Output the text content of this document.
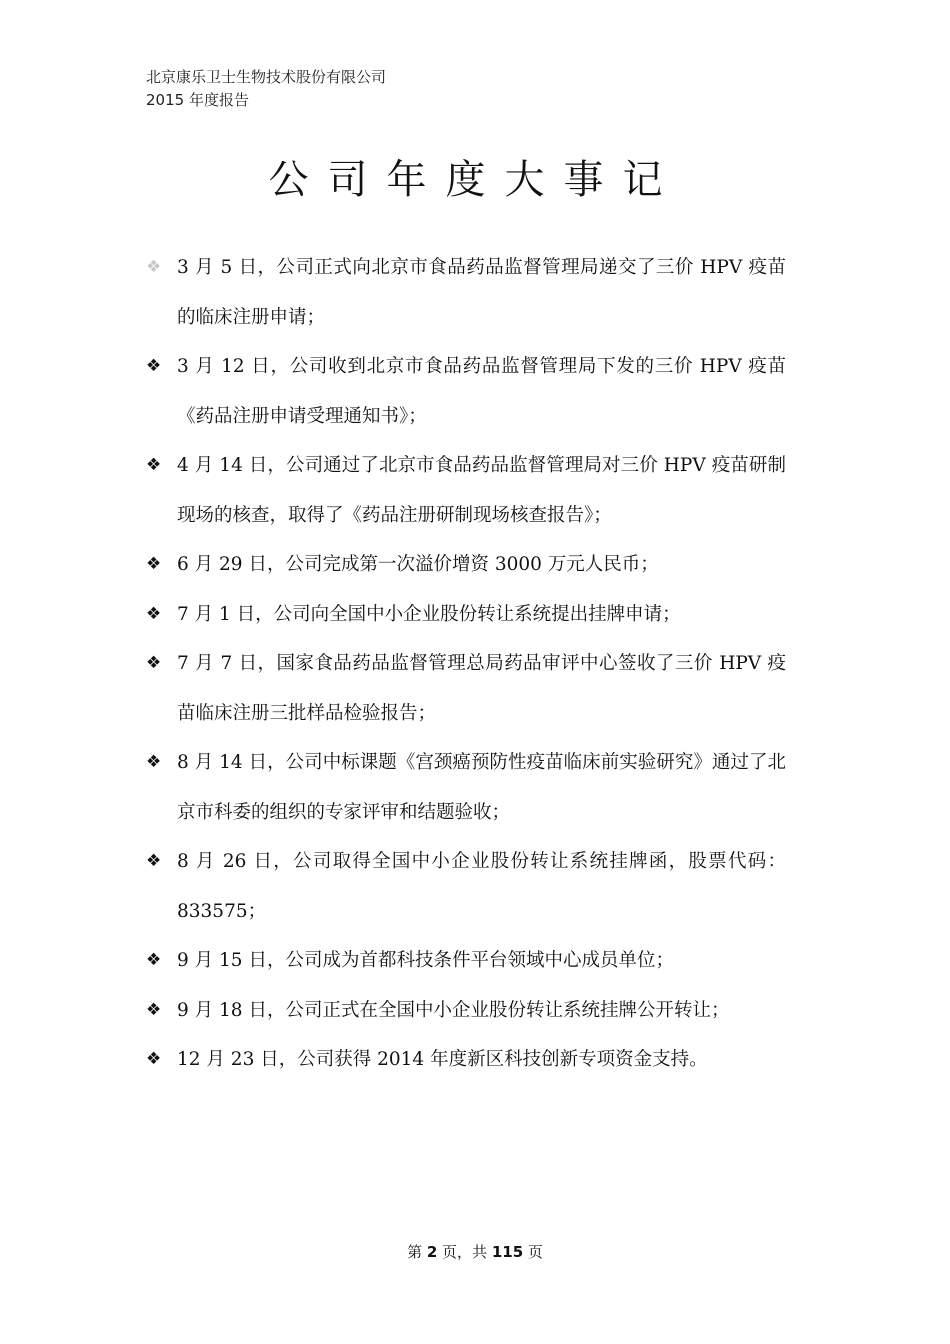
北京康乐卫士生物技术股份有限公司
2015 年度报告
公司年度大事记
❖ 3 月 5 日，公司正式向北京市食品药品监督管理局递交了三价 HPV 疫苗的临床注册申请；
❖ 3 月 12 日，公司收到北京市食品药品监督管理局下发的三价 HPV 疫苗《药品注册申请受理通知书》；
❖ 4 月 14 日，公司通过了北京市食品药品监督管理局对三价 HPV 疫苗研制现场的核查，取得了《药品注册研制现场核查报告》；
❖ 6 月 29 日，公司完成第一次溢价增资 3000 万元人民币；
❖ 7 月 1 日，公司向全国中小企业股份转让系统提出挂牌申请；
❖ 7 月 7 日，国家食品药品监督管理总局药品审评中心签收了三价 HPV 疫苗临床注册三批样品检验报告；
❖ 8 月 14 日，公司中标课题《宫颈癌预防性疫苗临床前实验研究》通过了北京市科委的组织的专家评审和结题验收；
❖ 8 月 26 日，公司取得全国中小企业股份转让系统挂牌函，股票代码：833575；
❖ 9 月 15 日，公司成为首都科技条件平台领域中心成员单位；
❖ 9 月 18 日，公司正式在全国中小企业股份转让系统挂牌公开转让；
❖ 12 月 23 日，公司获得 2014 年度新区科技创新专项资金支持。
第 2 页，共 115 页
